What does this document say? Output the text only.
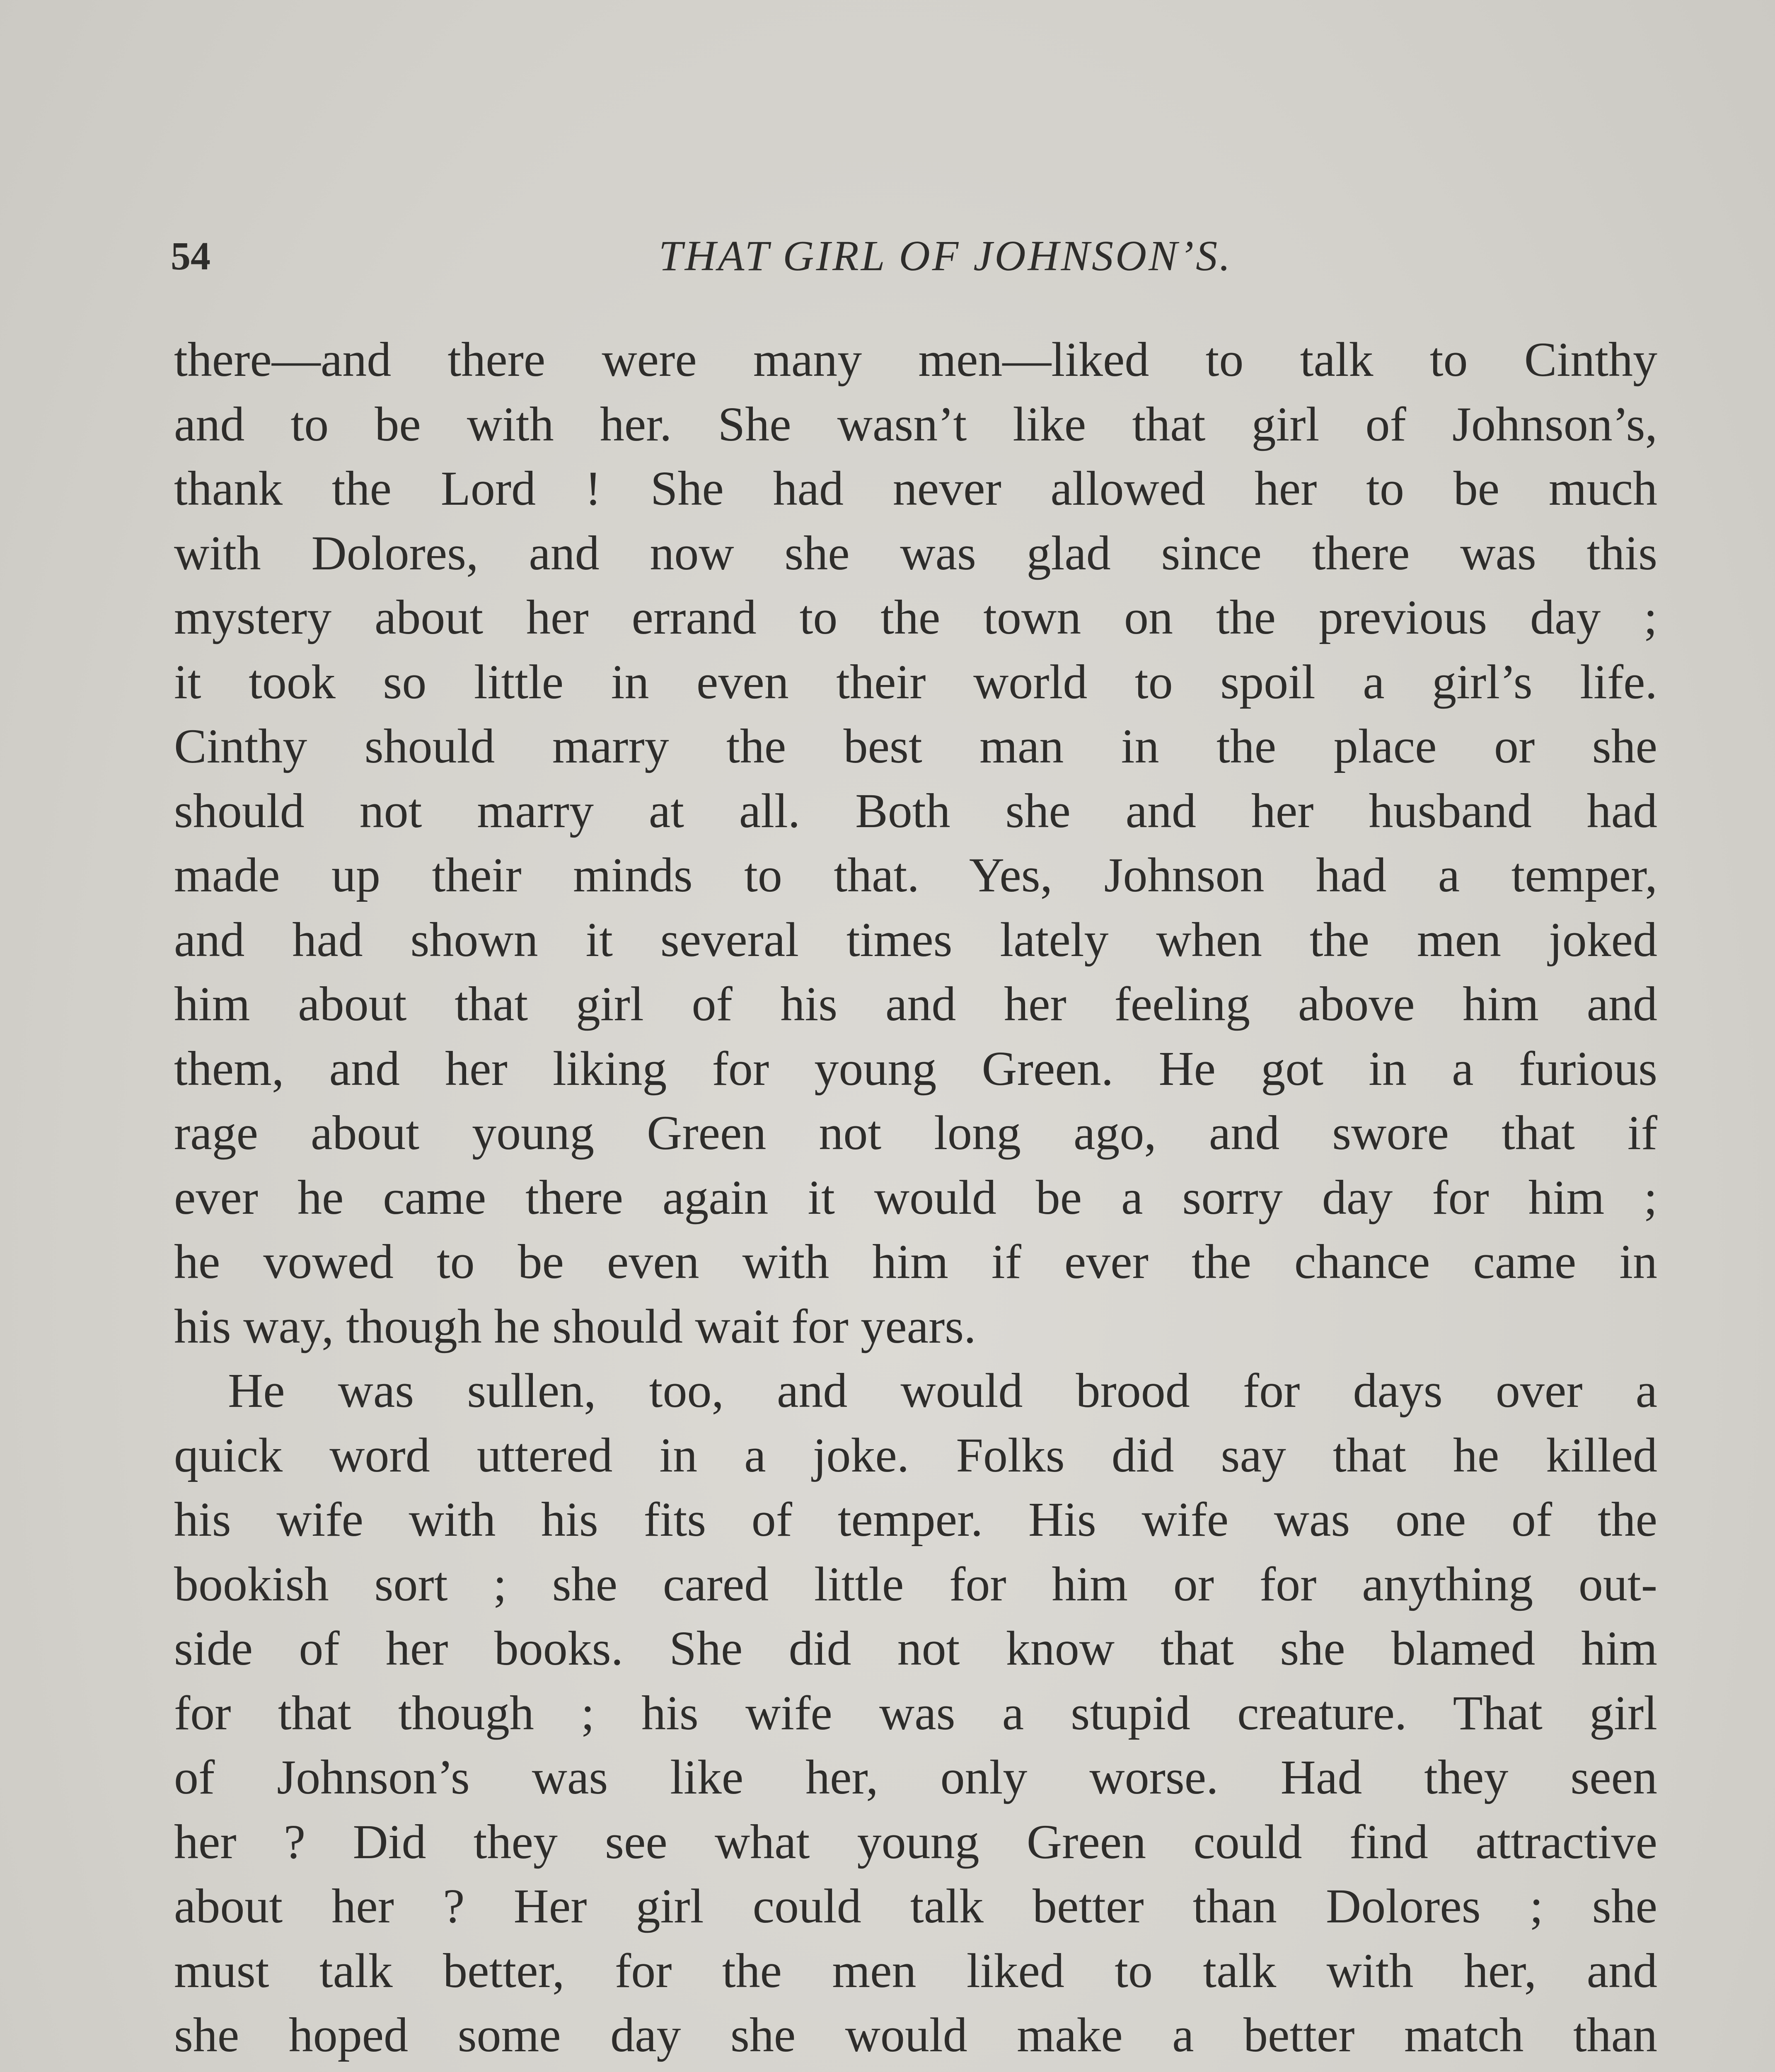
54	THAT GIRL OF JOHNSON’S.
there—and there were many men—liked to talk to Cinthy
and to be with her. She wasn’t like that girl of Johnson’s,
thank the Lord ! She had never allowed her to be much
with Dolores, and now she was glad since there was this
mystery about her errand to the town on the previous day ;
it took so little in even their world to spoil a girl’s life.
Cinthy should marry the best man in the place or she
should not marry at all. Both she and her husband had
made up their minds to that. Yes, Johnson had a temper,
and had shown it several times lately when the men joked
him about that girl of his and her feeling above him and
them, and her liking for young Green. He got in a furious
rage about young Green not long ago, and swore that if
ever he came there again it would be a sorry day for him ;
he vowed to be even with him if ever the chance came in
his way, though he should wait for years.
He was sullen, too, and would brood for days over a
quick word uttered in a joke. Folks did say that he killed
his wife with his fits of temper. His wife was one of the
bookish sort ; she cared little for him or for anything out-
side of her books. She did not know that she blamed him
for that though ; his wife was a stupid creature. That girl
of Johnson’s was like her, only worse. Had they seen
her ? Did they see what young Green could find attractive
about her ? Her girl could talk better than Dolores ; she
must talk better, for the men liked to talk with her, and
she hoped some day she would make a better match than
